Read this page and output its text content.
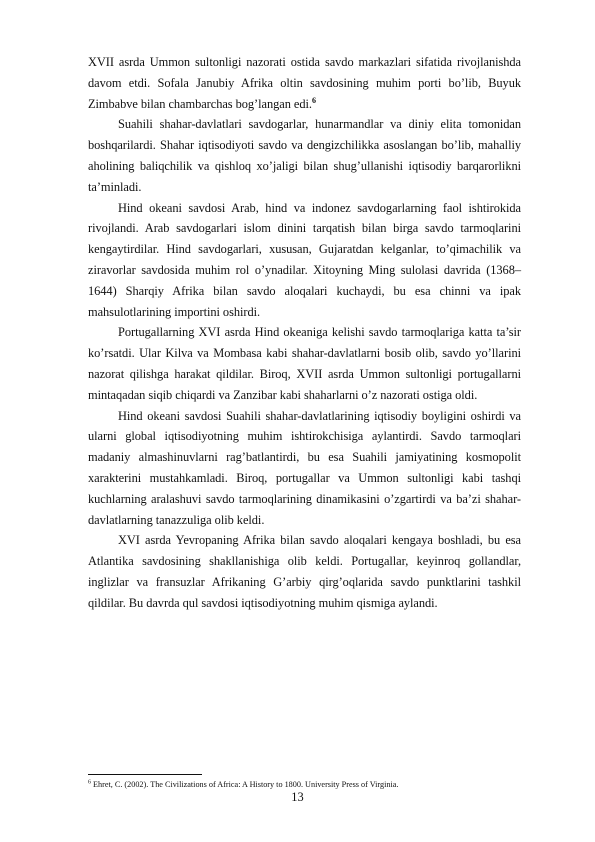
XVII asrda Ummon sultonligi nazorati ostida savdo markazlari sifatida rivojlanishda davom etdi. Sofala Janubiy Afrika oltin savdosining muhim porti bo’lib, Buyuk Zimbabve bilan chambarchas bog’langan edi.$^6$

Suahili shahar-davlatlari savdogarlar, hunarmandlar va diniy elita tomonidan boshqarilardi. Shahar iqtisodiyoti savdo va dengizchilikka asoslangan bo’lib, mahalliy aholining baliqchilik va qishloq xo’jaligi bilan shug’ullanishi iqtisodiy barqarorlikni ta’minladi.

Hind okeani savdosi Arab, hind va indonez savdogarlarning faol ishtirokida rivojlandi. Arab savdogarlari islom dinini tarqatish bilan birga savdo tarmoqlarini kengaytirdilar. Hind savdogarlari, xususan, Gujaratdan kelganlar, to’qimachilik va ziravorlar savdosida muhim rol o’ynadilar. Xitoyning Ming sulolasi davrida (1368–1644) Sharqiy Afrika bilan savdo aloqalari kuchaydi, bu esa chinni va ipak mahsulotlarining importini oshirdi.

Portugallarning XVI asrda Hind okeaniga kelishi savdo tarmoqlariga katta ta’sir ko’rsatdi. Ular Kilva va Mombasa kabi shahar-davlatlarni bosib olib, savdo yo’llarini nazorat qilishga harakat qildilar. Biroq, XVII asrda Ummon sultonligi portugallarni mintaqadan siqib chiqardi va Zanzibar kabi shaharlarni o’z nazorati ostiga oldi.

Hind okeani savdosi Suahili shahar-davlatlarining iqtisodiy boyligini oshirdi va ularni global iqtisodiyotning muhim ishtirokchisiga aylantirdi. Savdo tarmoqlari madaniy almashinuvlarni rag’batlantirdi, bu esa Suahili jamiyatining kosmopolit xarakterini mustahkamladi. Biroq, portugallar va Ummon sultonligi kabi tashqi kuchlarning aralashuvi savdo tarmoqlarining dinamikasini o’zgartirdi va ba’zi shahar-davlatlarning tanazzuliga olib keldi.

XVI asrda Yevropaning Afrika bilan savdo aloqalari kengaya boshladi, bu esa Atlantika savdosining shakllanishiga olib keldi. Portugallar, keyinroq gollandlar, inglizlar va fransuzlar Afrikaning G’arbiy qirg’oqlarida savdo punktlarini tashkil qildilar. Bu davrda qul savdosi iqtisodiyotning muhim qismiga aylandi.

$^6$ Ehret, C. (2002). The Civilizations of Africa: A History to 1800. University Press of Virginia.
13
